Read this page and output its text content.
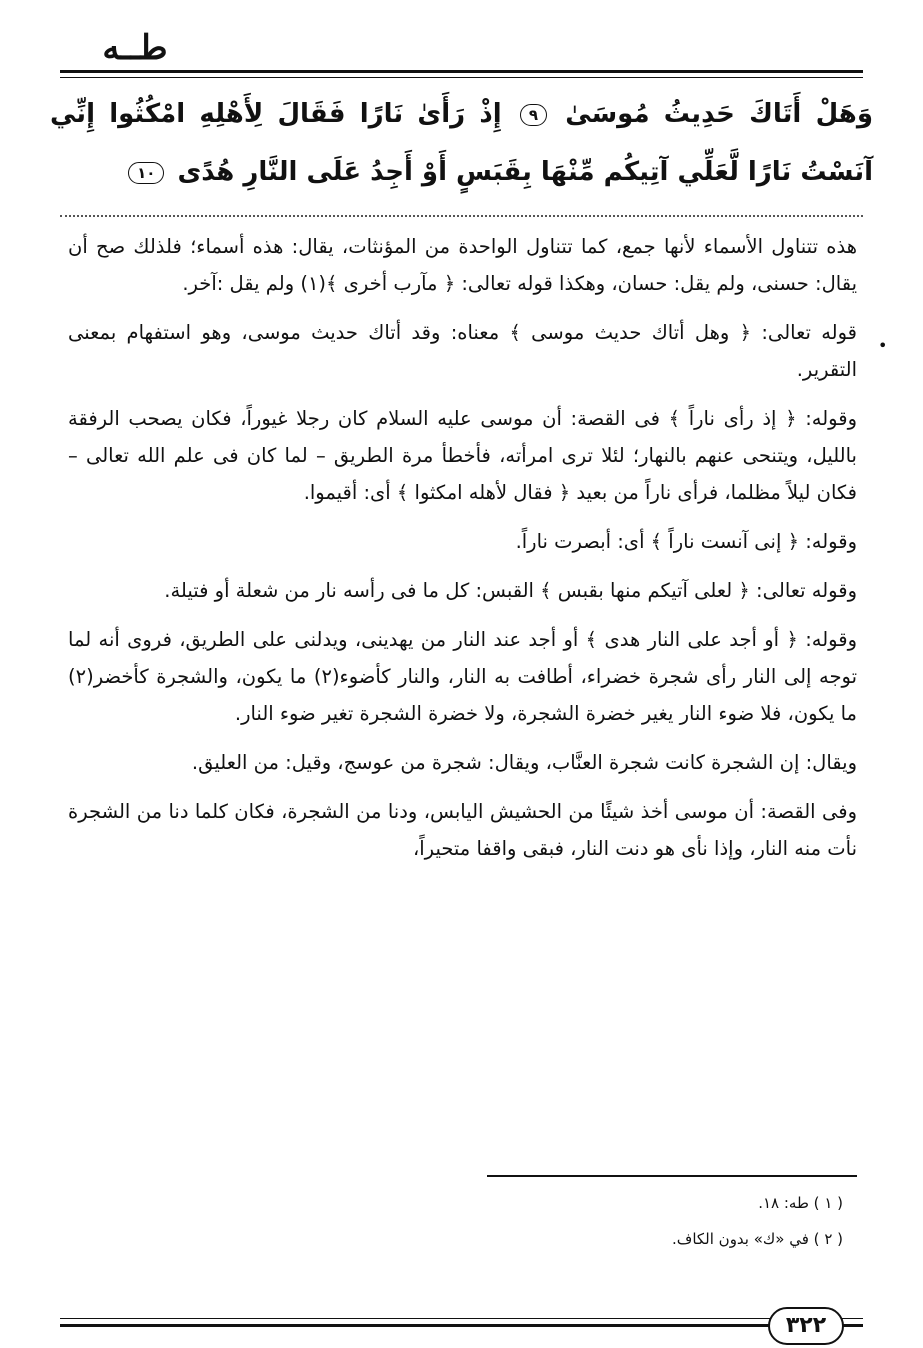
طــه
وَهَلْ أَتَاكَ حَدِيثُ مُوسَىٰ ٩ إِذْ رَأَىٰ نَارًا فَقَالَ لِأَهْلِهِ امْكُثُوا إِنِّي آنَسْتُ نَارًا لَّعَلِّي آتِيكُم مِّنْهَا بِقَبَسٍ أَوْ أَجِدُ عَلَى النَّارِ هُدًى ١٠
•

هذه تتناول الأسماء لأنها جمع، كما تتناول الواحدة من المؤنثات، يقال: هذه أسماء؛ فلذلك صح أن يقال: حسنى، ولم يقل: حسان، وهكذا قوله تعالى: ﴿ مآرب أخرى ﴾(١) ولم يقل :آخر.

قوله تعالى: ﴿ وهل أتاك حديث موسى ﴾ معناه: وقد أتاك حديث موسى، وهو استفهام بمعنى التقرير.

وقوله: ﴿ إذ رأى ناراً ﴾ فى القصة: أن موسى عليه السلام كان رجلا غيوراً، فكان يصحب الرفقة بالليل، ويتنحى عنهم بالنهار؛ لئلا ترى امرأته، فأخطأ مرة الطريق – لما كان فى علم الله تعالى – فكان ليلاً مظلما، فرأى ناراً من بعيد ﴿ فقال لأهله امكثوا ﴾ أى: أقيموا.

وقوله: ﴿ إنى آنست ناراً ﴾ أى: أبصرت ناراً.

وقوله تعالى: ﴿ لعلى آتيكم منها بقبس ﴾ القبس: كل ما فى رأسه نار من شعلة أو فتيلة.

وقوله: ﴿ أو أجد على النار هدى ﴾ أو أجد عند النار من يهدينى، ويدلنى على الطريق، فروى أنه لما توجه إلى النار رأى شجرة خضراء، أطافت به النار، والنار كأضوء(٢) ما يكون، والشجرة كأخضر(٢) ما يكون، فلا ضوء النار يغير خضرة الشجرة، ولا خضرة الشجرة تغير ضوء النار.

ويقال: إن الشجرة كانت شجرة العنَّاب، ويقال: شجرة من عوسج، وقيل: من العليق.

وفى القصة: أن موسى أخذ شيئًا من الحشيش اليابس، ودنا من الشجرة، فكان كلما دنا من الشجرة نأت منه النار، وإذا نأى هو دنت النار، فبقى واقفا متحيراً،

( ١ ) طه: ١٨.
( ٢ ) في «ك» بدون الكاف.
٣٢٢
